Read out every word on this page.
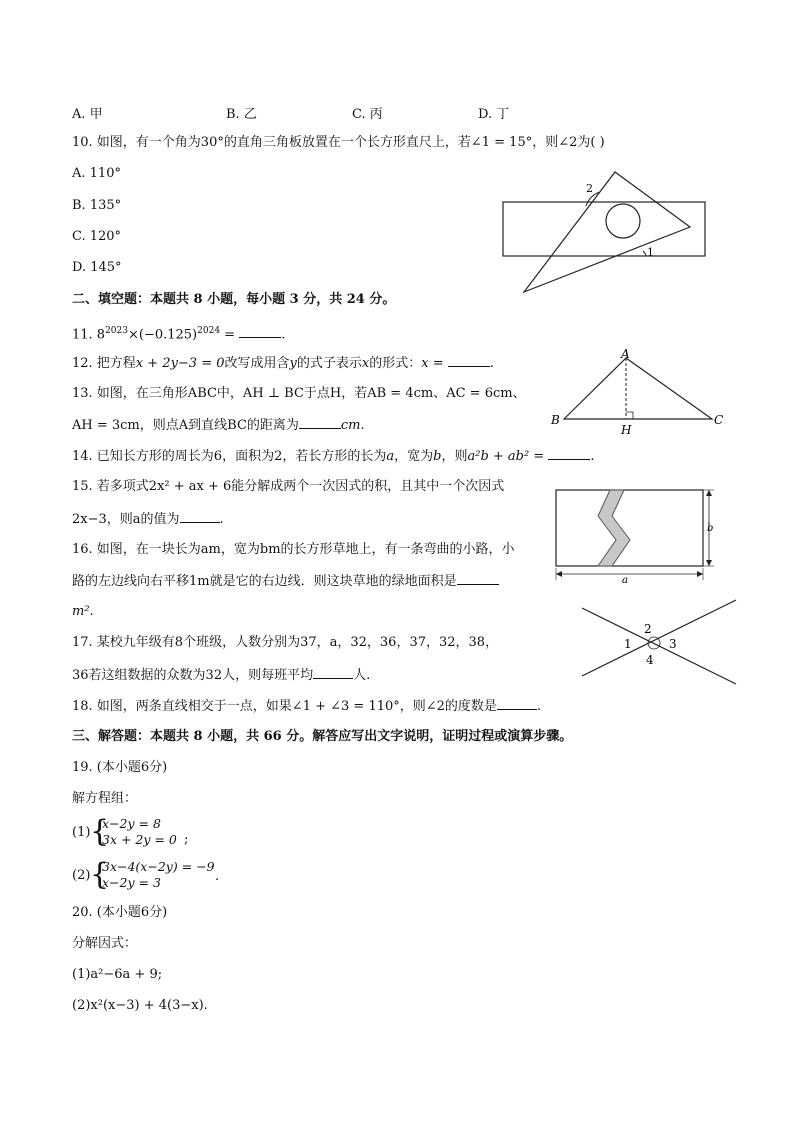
A. 甲	B. 乙	C. 丙	D. 丁
10. 如图，有一个角为30°的直角三角板放置在一个长方形直尺上，若∠1 = 15°，则∠2为( )
A. 110°
B. 135°
C. 120°
D. 145°
2
1
二、填空题：本题共 8 小题，每小题 3 分，共 24 分。
11. $8^{2023}\times(-0.125)^{2024}$ =	.
12. 把方程x + 2y−3 = 0改写成用含y的式子表示x的形式：x =	.
A
B	C
H
13. 如图，在三角形ABC中，AH ⊥ BC于点H，若AB = 4cm、AC = 6cm、
AH = 3cm，则点A到直线BC的距离为	cm.
14. 已知长方形的周长为6，面积为2，若长方形的长为a，宽为b，则a²b + ab² =	.
15. 若多项式2x² + ax + 6能分解成两个一次因式的积，且其中一个次因式
2x−3，则a的值为	.
b
a
16. 如图，在一块长为am，宽为bm的长方形草地上，有一条弯曲的小路，小
路的左边线向右平移1m就是它的右边线．则这块草地的绿地面积是
m².
2
1	3
4
17. 某校九年级有8个班级，人数分别为37，a，32，36，37，32，38，
36若这组数据的众数为32人，则每班平均	人.
18. 如图，两条直线相交于一点，如果∠1 + ∠3 = 110°，则∠2的度数是	.
三、解答题：本题共 8 小题，共 66 分。解答应写出文字说明，证明过程或演算步骤。
19. (本小题6分)
解方程组：
(1) {
x−2y = 8
3x + 2y = 0 ;
(2) {
3x−4(x−2y) = −9
x−2y = 3	.
20. (本小题6分)
分解因式：
(1)a²−6a + 9;
(2)x²(x−3) + 4(3−x).
